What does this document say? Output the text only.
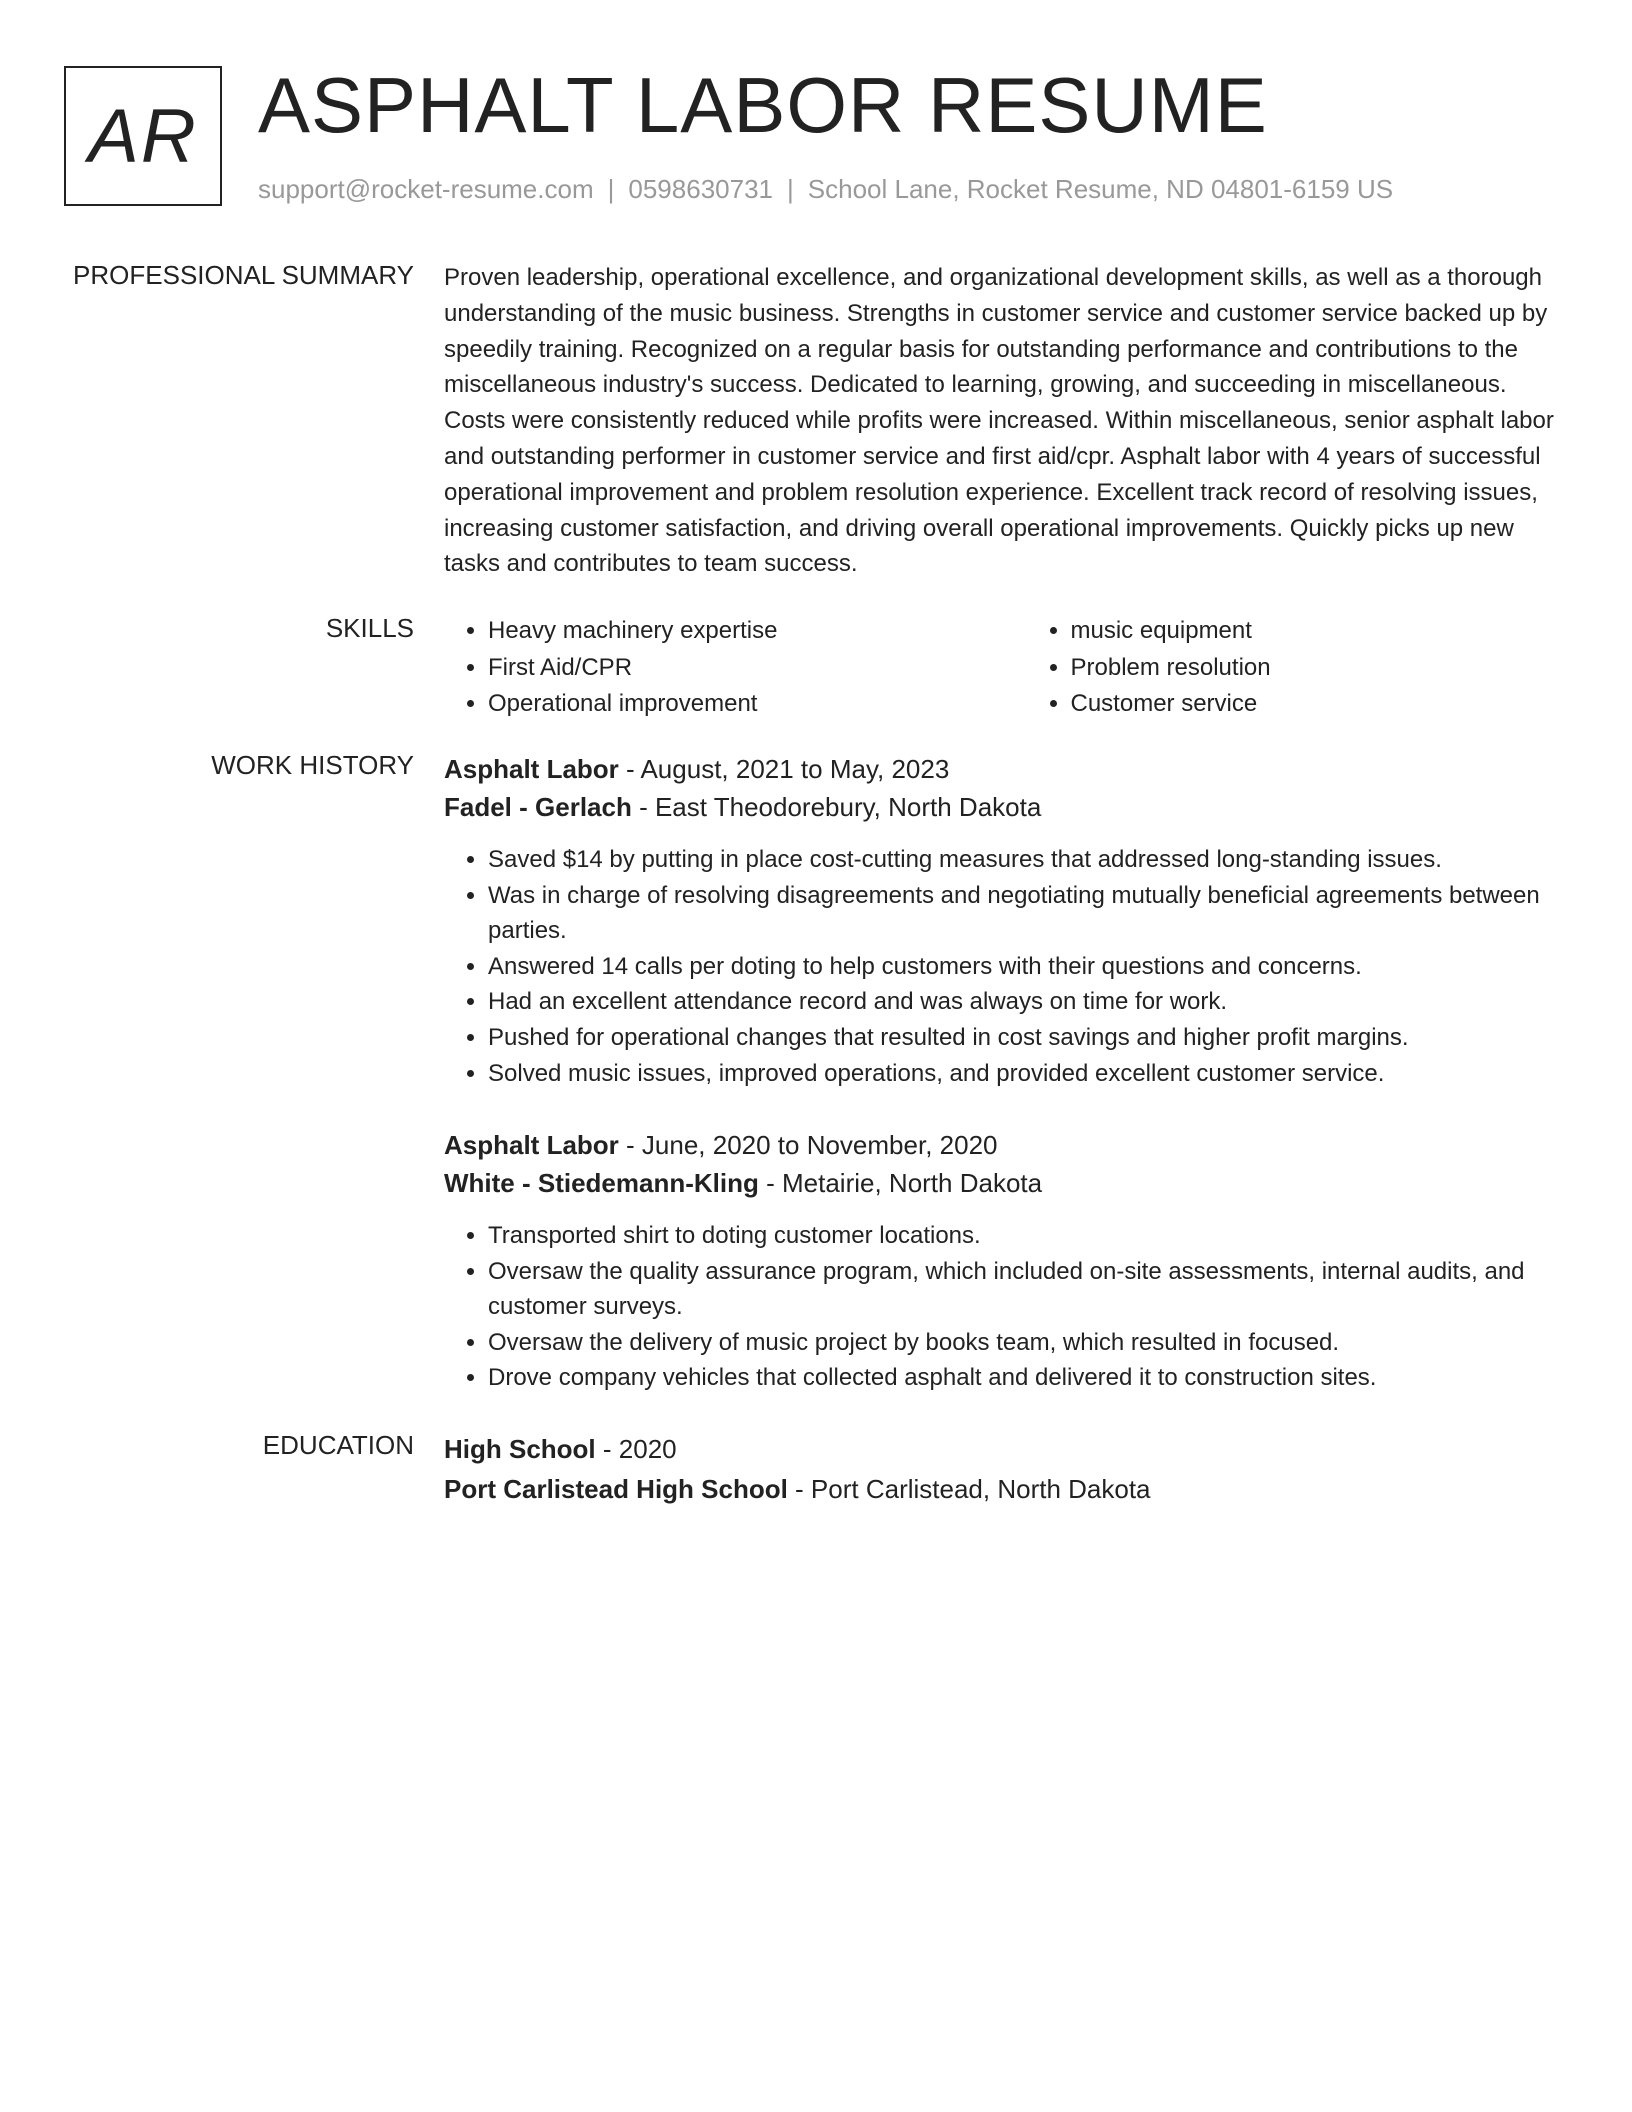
AR ASPHALT LABOR RESUME
support@rocket-resume.com | 0598630731 | School Lane, Rocket Resume, ND 04801-6159 US
PROFESSIONAL SUMMARY Proven leadership, operational excellence, and organizational development skills, as well as a thorough understanding of the music business. Strengths in customer service and customer service backed up by speedily training. Recognized on a regular basis for outstanding performance and contributions to the miscellaneous industry's success. Dedicated to learning, growing, and succeeding in miscellaneous. Costs were consistently reduced while profits were increased. Within miscellaneous, senior asphalt labor and outstanding performer in customer service and first aid/cpr. Asphalt labor with 4 years of successful operational improvement and problem resolution experience. Excellent track record of resolving issues, increasing customer satisfaction, and driving overall operational improvements. Quickly picks up new tasks and contributes to team success.

SKILLS
•	Heavy machinery expertise
• First Aid/CPR
• Operational improvement
• music equipment
• Problem resolution
• Customer service
WORK HISTORY Asphalt Labor - August, 2021 to May, 2023
Fadel - Gerlach - East Theodorebury, North Dakota
• Saved $14 by putting in place cost-cutting measures that addressed long-standing issues.
• Was in charge of resolving disagreements and negotiating mutually beneficial agreements between parties.
• Answered 14 calls per doting to help customers with their questions and concerns.
• Had an excellent attendance record and was always on time for work.
• Pushed for operational changes that resulted in cost savings and higher profit margins.
• Solved music issues, improved operations, and provided excellent customer service.
Asphalt Labor - June, 2020 to November, 2020
White - Stiedemann-Kling - Metairie, North Dakota
• Transported shirt to doting customer locations.
• Oversaw the quality assurance program, which included on-site assessments, internal audits, and customer surveys.
• Oversaw the delivery of music project by books team, which resulted in focused.
• Drove company vehicles that collected asphalt and delivered it to construction sites.
EDUCATION High School - 2020
Port Carlistead High School - Port Carlistead, North Dakota
